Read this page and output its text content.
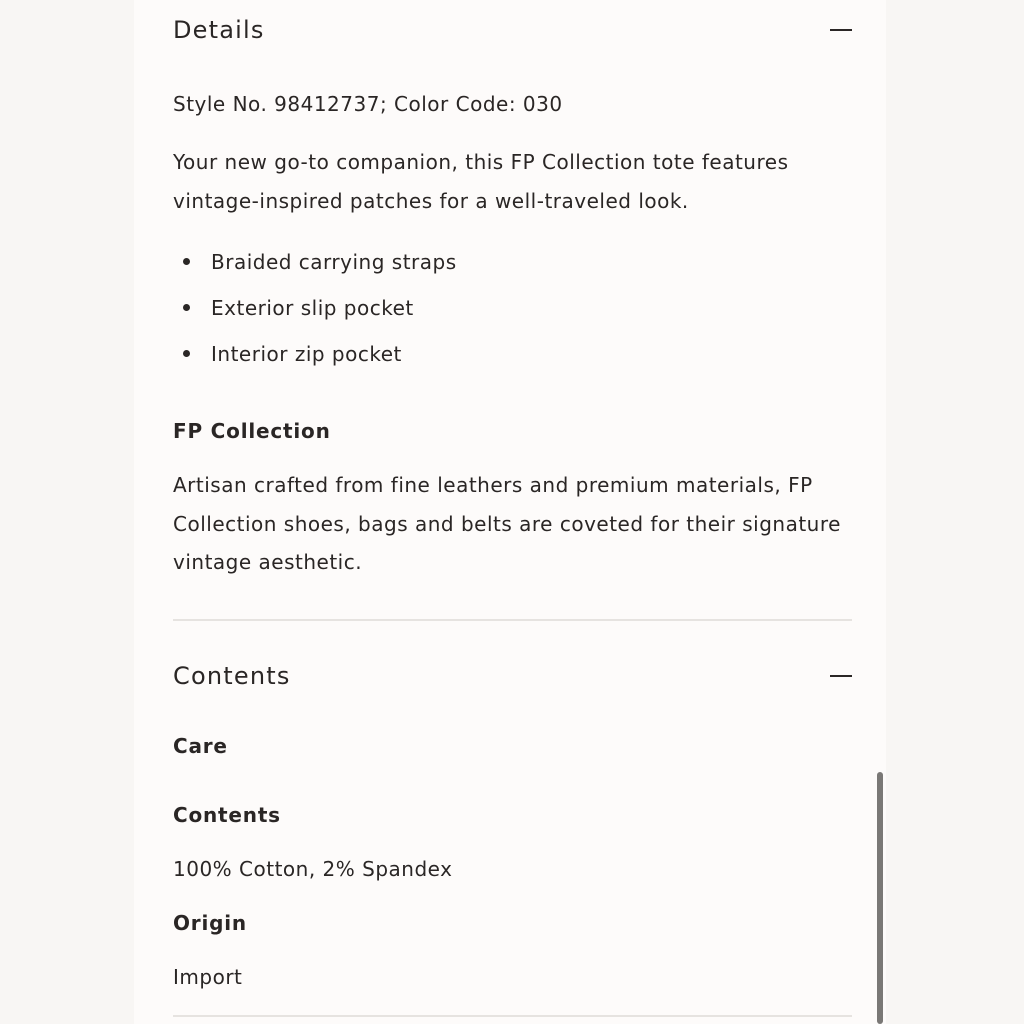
Details

Style No. 98412737; Color Code: 030

Your new go-to companion, this FP Collection tote features vintage-inspired patches for a well-traveled look.

Braided carrying straps
Exterior slip pocket
Interior zip pocket

FP Collection

Artisan crafted from fine leathers and premium materials, FP Collection shoes, bags and belts are coveted for their signature vintage aesthetic.

Contents

Care

Contents

100% Cotton, 2% Spandex

Origin

Import
